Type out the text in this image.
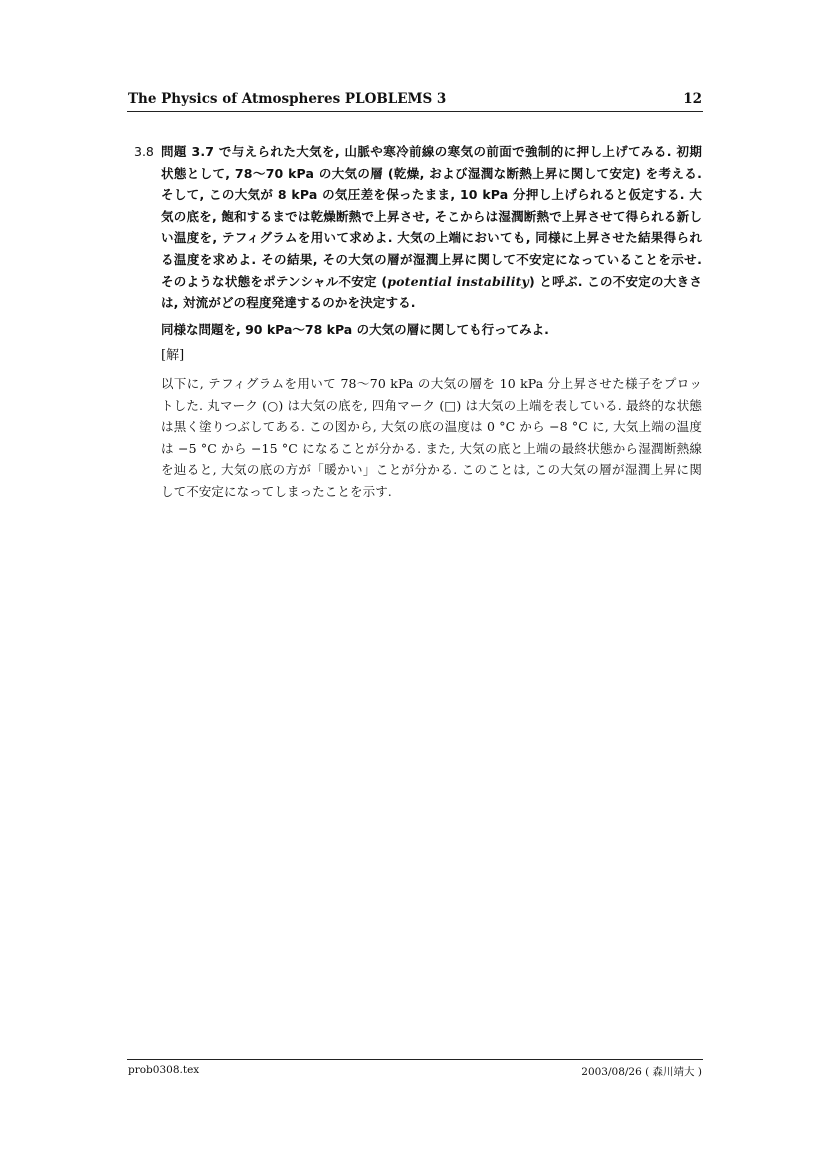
The Physics of Atmospheres PLOBLEMS 3	12
3.8 問題 3.7 で与えられた大気を, 山脈や寒冷前線の寒気の前面で強制的に押し上げてみる. 初期状態として, 78〜70 kPa の大気の層 (乾燥, および湿潤な断熱上昇に関して安定) を考える. そして, この大気が 8 kPa の気圧差を保ったまま, 10 kPa 分押し上げられると仮定する. 大気の底を, 飽和するまでは乾燥断熱で上昇させ, そこからは湿潤断熱で上昇させて得られる新しい温度を, テフィグラムを用いて求めよ. 大気の上端においても, 同様に上昇させた結果得られる温度を求めよ. その結果, その大気の層が湿潤上昇に関して不安定になっていることを示せ. そのような状態をポテンシャル不安定 (potential instability) と呼ぶ. この不安定の大きさは, 対流がどの程度発達するのかを決定する.

同様な問題を, 90 kPa〜78 kPa の大気の層に関しても行ってみよ.

[解]

以下に, テフィグラムを用いて 78〜70 kPa の大気の層を 10 kPa 分上昇させた様子をプロットした. 丸マーク (○) は大気の底を, 四角マーク (□) は大気の上端を表している. 最終的な状態は黒く塗りつぶしてある. この図から, 大気の底の温度は 0 °C から −8 °C に, 大気上端の温度は −5 °C から −15 °C になることが分かる. また, 大気の底と上端の最終状態から湿潤断熱線を辿ると, 大気の底の方が「暖かい」ことが分かる. このことは, この大気の層が湿潤上昇に関して不安定になってしまったことを示す.

prob0308.tex	2003/08/26 ( 森川靖大 )
